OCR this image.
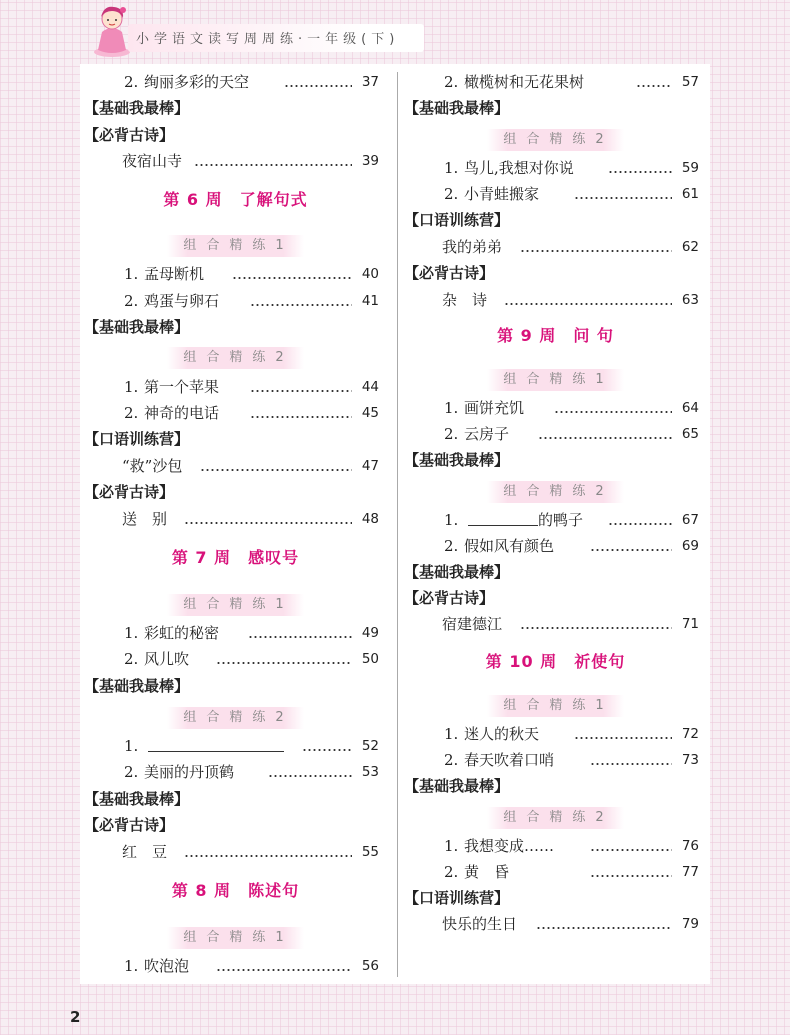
小学语文读写周周练·一年级(下)
2. 绚丽多彩的天空	37
【基础我最棒】
【必背古诗】
夜宿山寺	39
第 6 周　了解句式
组合精练1
1. 孟母断机	40
2. 鸡蛋与卵石	41
【基础我最棒】
组合精练2
1. 第一个苹果	44
2. 神奇的电话	45
【口语训练营】
“救”沙包	47
【必背古诗】
送　别	48
第 7 周　感叹号
组合精练1
1. 彩虹的秘密	49
2. 风儿吹	50
【基础我最棒】
组合精练2
1.	52
2. 美丽的丹顶鹤	53
【基础我最棒】
【必背古诗】
红　豆	55
第 8 周　陈述句
组合精练1
1. 吹泡泡	56
2. 橄榄树和无花果树	57
【基础我最棒】
组合精练2
1. 鸟儿,我想对你说	59
2. 小青蛙搬家	61
【口语训练营】
我的弟弟	62
【必背古诗】
杂　诗	63
第 9 周　问 句
组合精练1
1. 画饼充饥	64
2. 云房子	65
【基础我最棒】
组合精练2
1.	的鸭子	67
2. 假如风有颜色	69
【基础我最棒】
【必背古诗】
宿建德江	71
第 10 周　祈使句
组合精练1
1. 迷人的秋天	72
2. 春天吹着口哨	73
【基础我最棒】
组合精练2
1. 我想变成……	76
2. 黄　昏	77
【口语训练营】
快乐的生日	79
2
